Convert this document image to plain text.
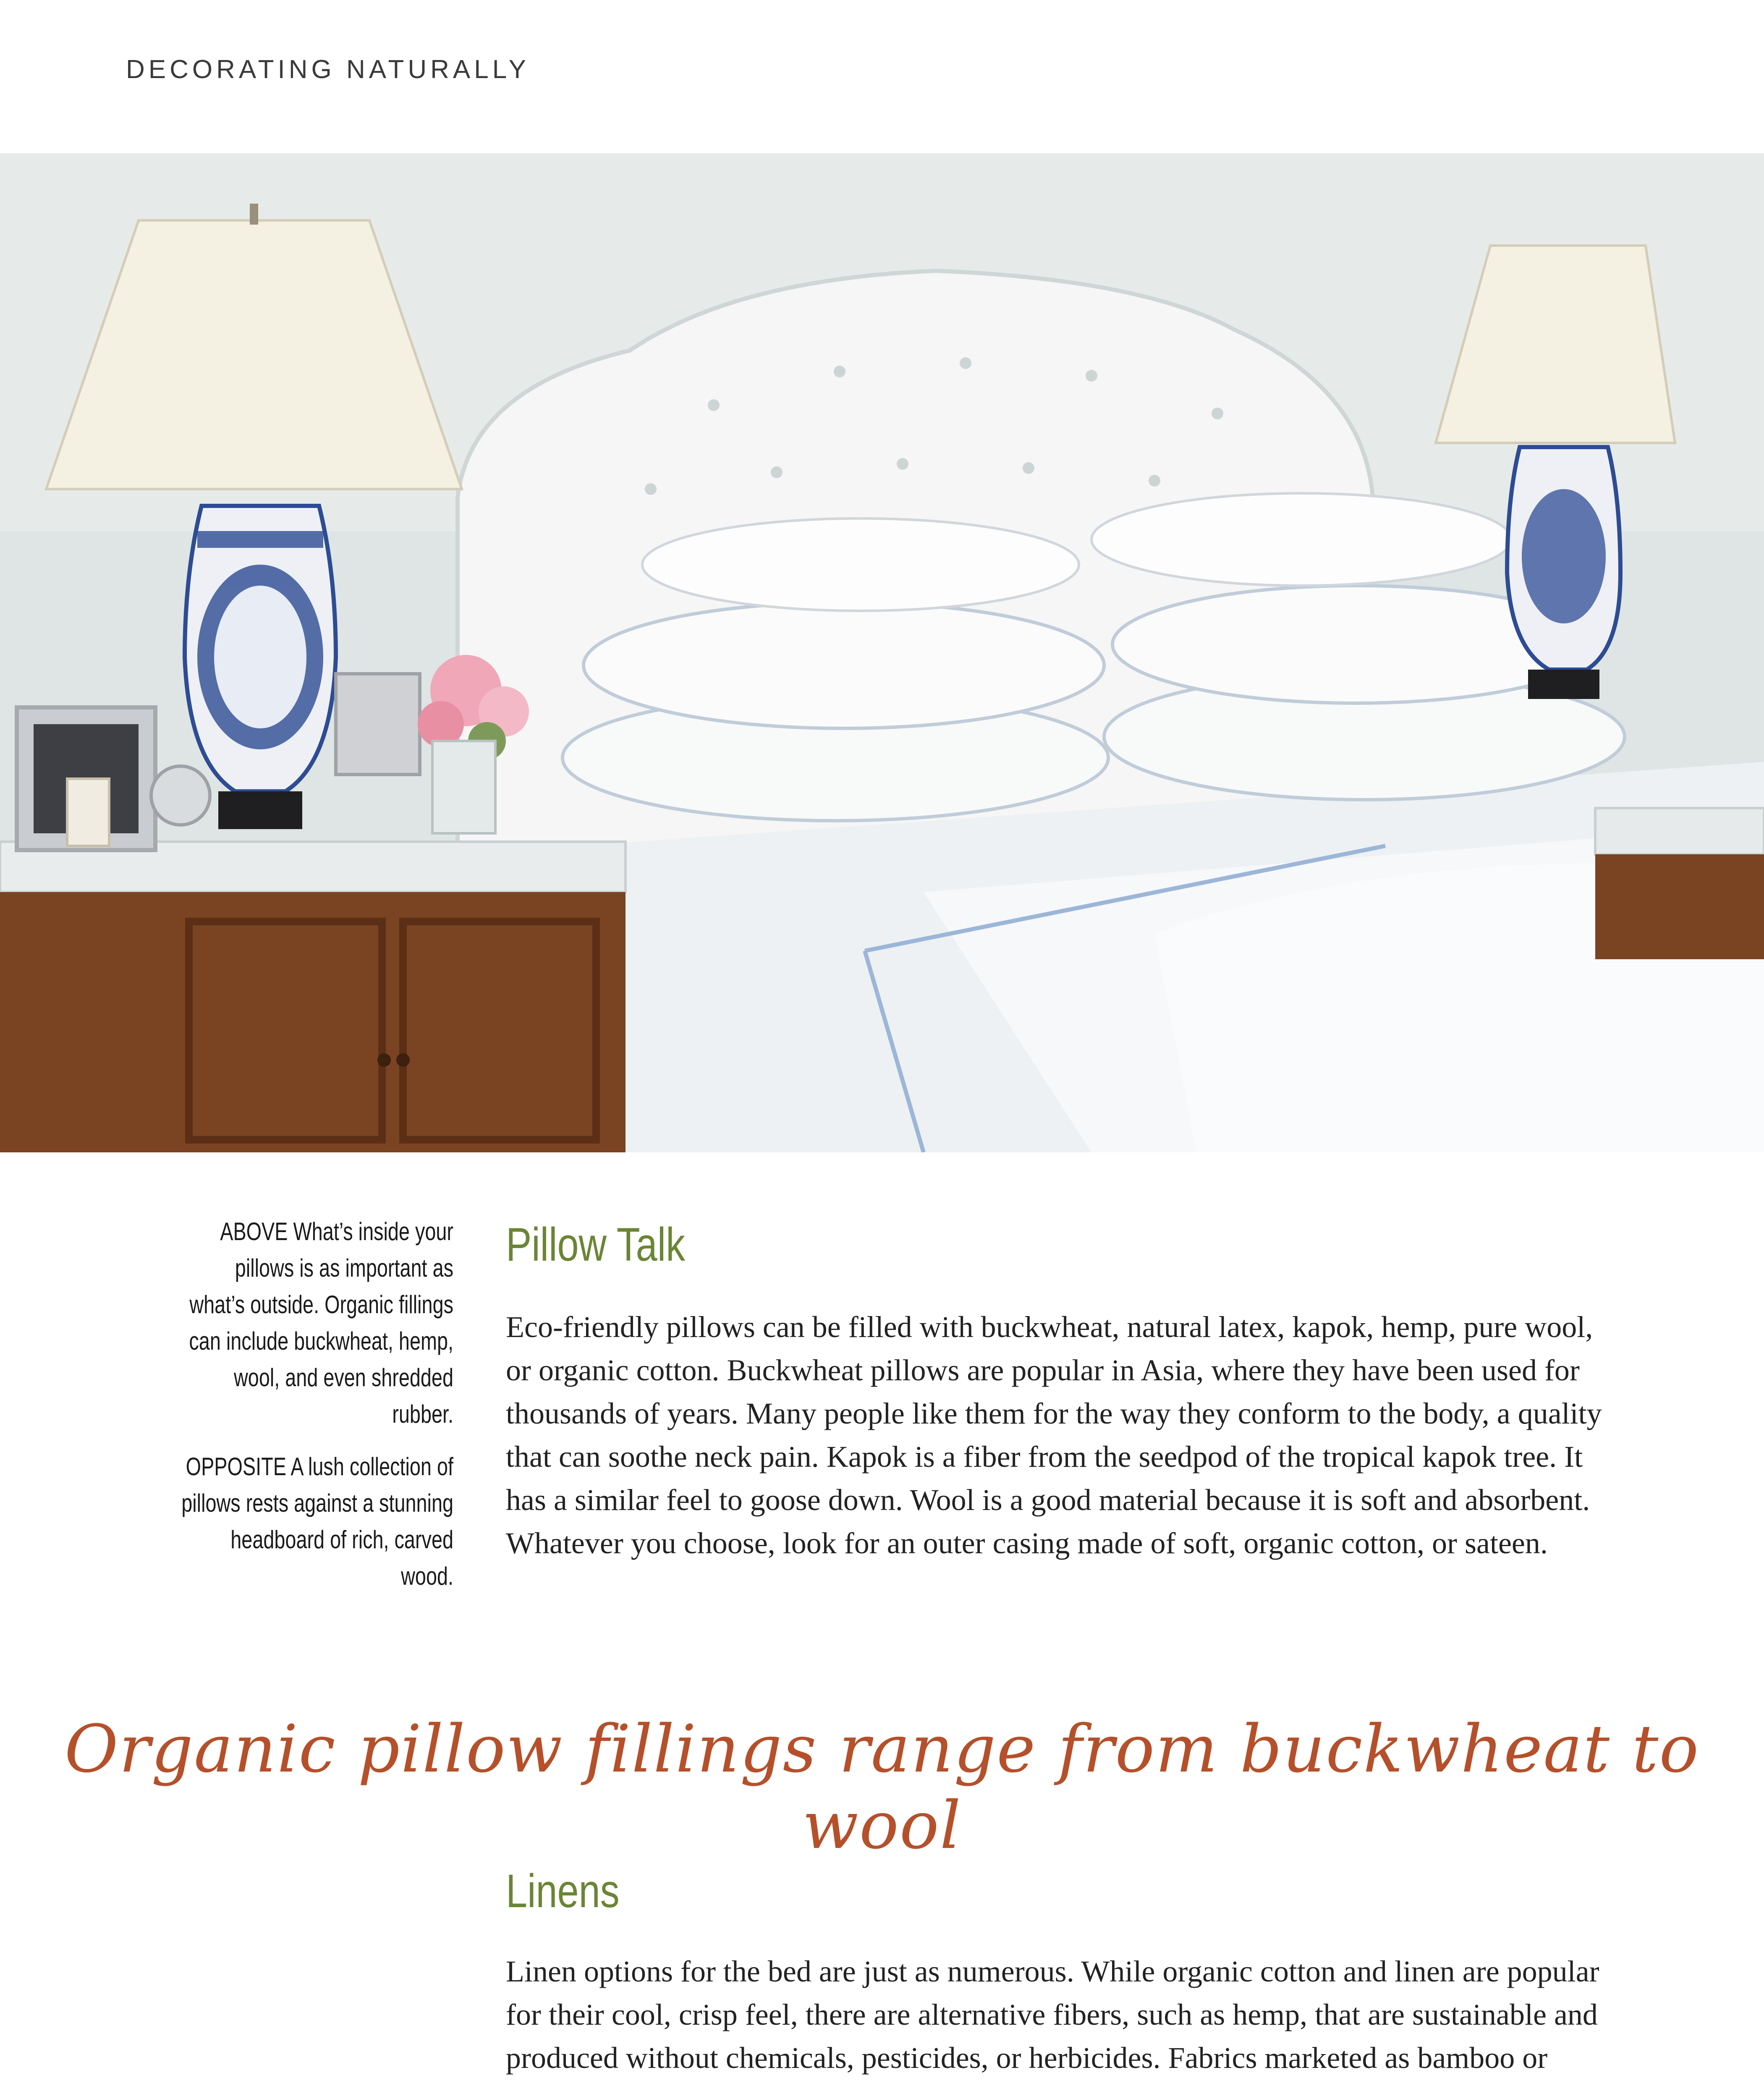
DECORATING NATURALLY

ABOVE What’s inside your pillows is as important as what’s outside. Organic fillings can include buckwheat, hemp, wool, and even shredded rubber.

OPPOSITE A lush collection of pillows rests against a stunning headboard of rich, carved wood.

Pillow Talk

Eco-friendly pillows can be filled with buckwheat, natural latex, kapok, hemp, pure wool, or organic cotton. Buckwheat pillows are popular in Asia, where they have been used for thousands of years. Many people like them for the way they conform to the body, a quality that can soothe neck pain. Kapok is a fiber from the seedpod of the tropical kapok tree. It has a similar feel to goose down. Wool is a good material because it is soft and absorbent. Whatever you choose, look for an outer casing made of soft, organic cotton, or sateen.

Organic pillow fillings range from buckwheat to wool

Linens

Linen options for the bed are just as numerous. While organic cotton and linen are popular for their cool, crisp feel, there are alternative fibers, such as hemp, that are sustainable and produced without chemicals, pesticides, or herbicides. Fabrics marketed as bamboo or
